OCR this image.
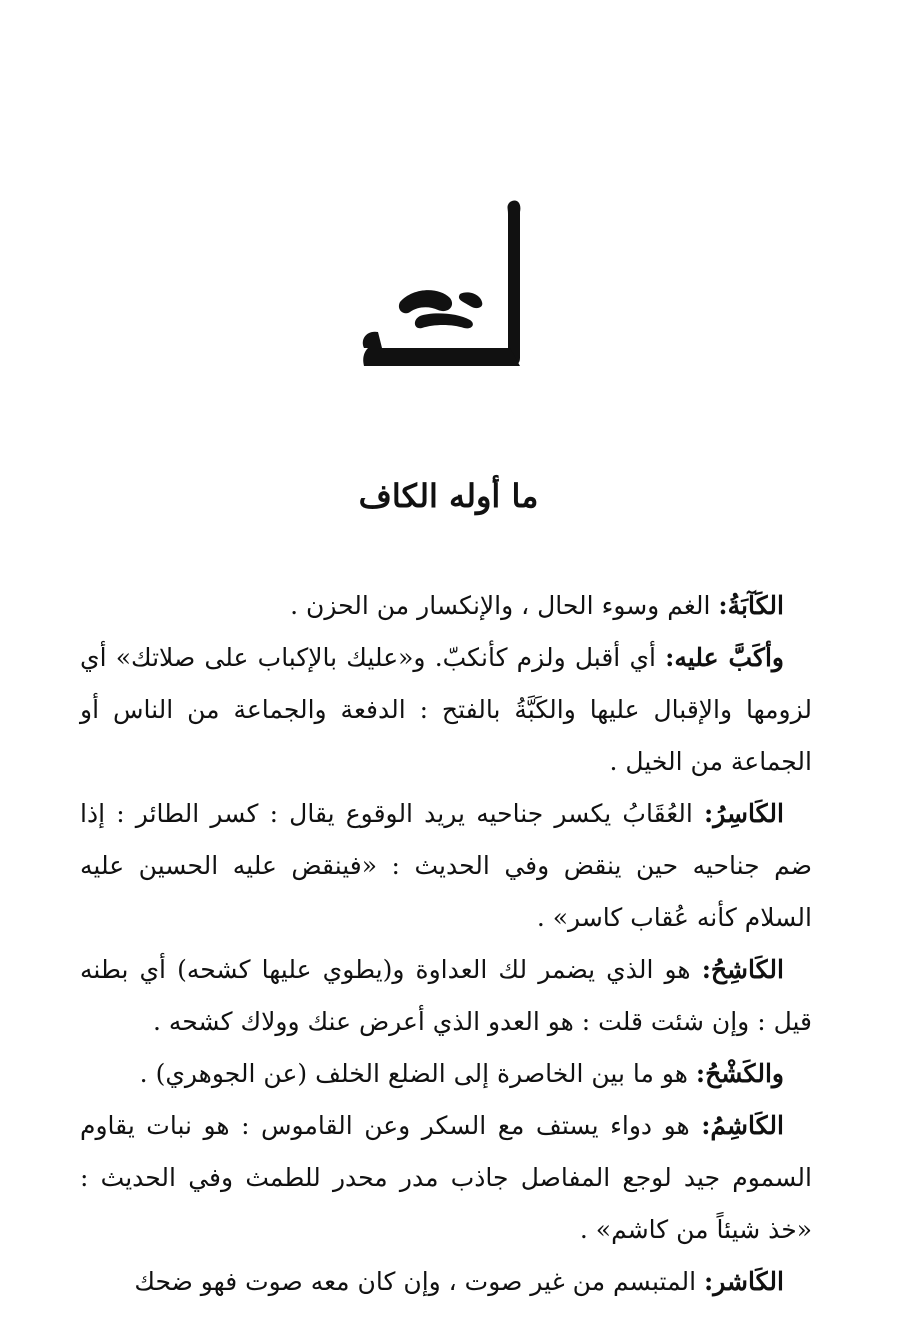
ما أوله الكاف

الكَآبَةُ: الغم وسوء الحال ، والإنكسار من الحزن .

وأكَبَّ عليه: أي أقبل ولزم كأنكبّ. و«عليك بالإكباب على صلاتك» أي لزومها والإقبال عليها والكَبَّةُ بالفتح : الدفعة والجماعة من الناس أو الجماعة من الخيل .

الكَاسِرُ: العُقَابُ يكسر جناحيه يريد الوقوع يقال : كسر الطائر : إذا ضم جناحيه حين ينقض وفي الحديث : «فينقض عليه الحسين عليه السلام كأنه عُقاب كاسر» .

الكَاشِحُ: هو الذي يضمر لك العداوة و(يطوي عليها كشحه) أي بطنه قيل : وإن شئت قلت : هو العدو الذي أعرض عنك وولاك كشحه .

والكَشْحُ: هو ما بين الخاصرة إلى الضلع الخلف (عن الجوهري) .

الكَاشِمُ: هو دواء يستف مع السكر وعن القاموس : هو نبات يقاوم السموم جيد لوجع المفاصل جاذب مدر محدر للطمث وفي الحديث : «خذ شيئاً من كاشم» .

الكَاشر: المتبسم من غير صوت ، وإن كان معه صوت فهو ضحك
